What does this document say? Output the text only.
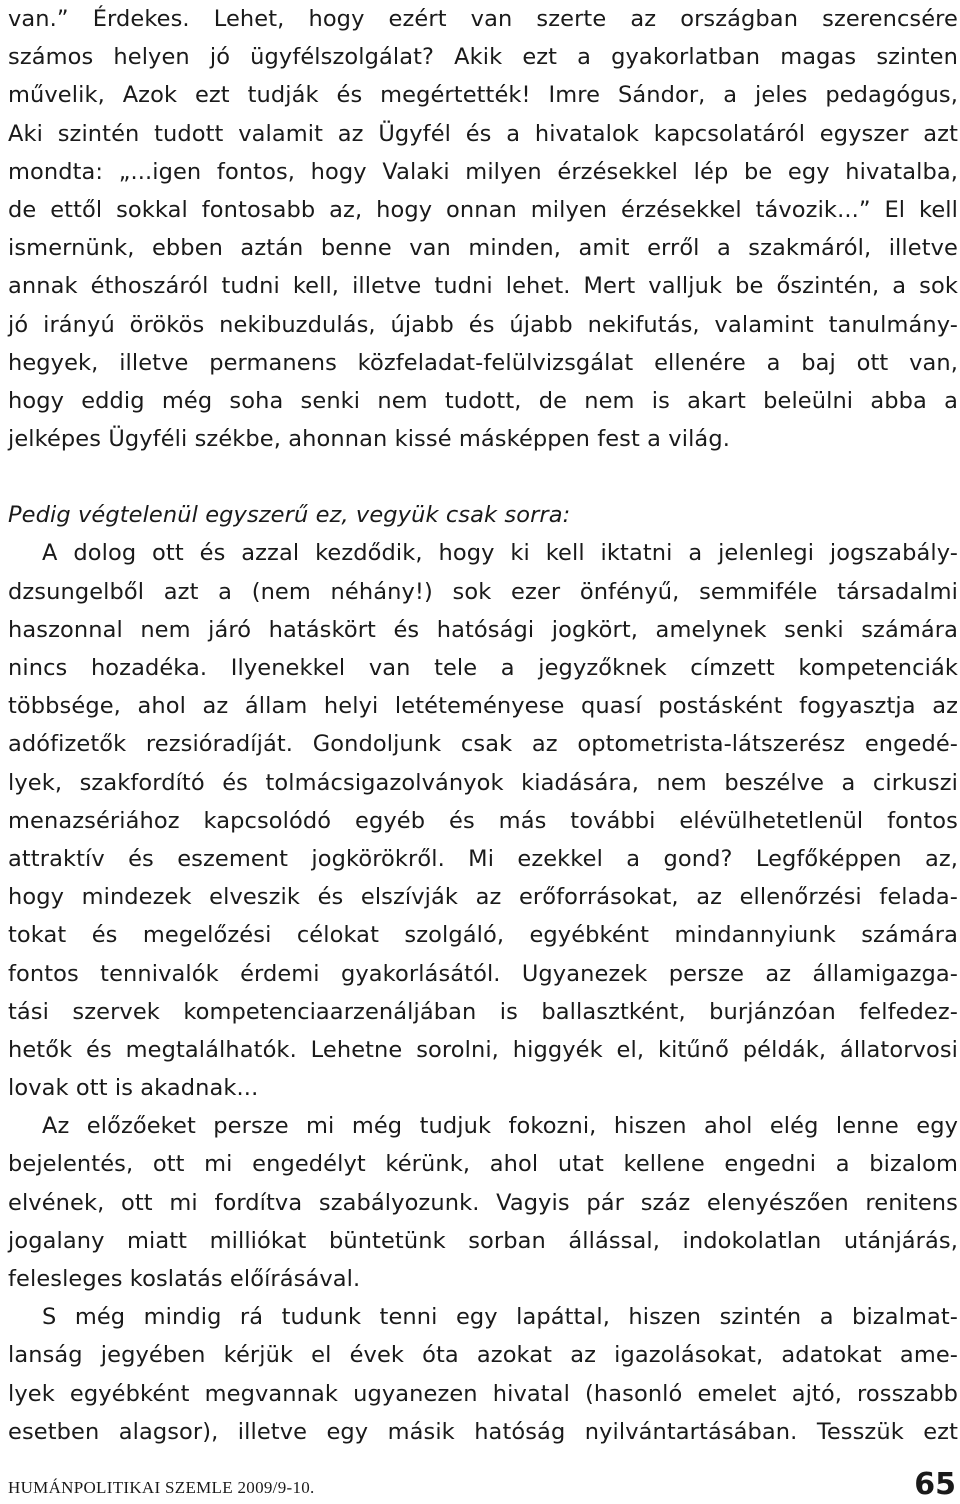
van.” Érdekes. Lehet, hogy ezért van szerte az országban szerencsére
számos helyen jó ügyfélszolgálat? Akik ezt a gyakorlatban magas szinten
művelik, Azok ezt tudják és megértették! Imre Sándor, a jeles pedagógus,
Aki szintén tudott valamit az Ügyfél és a hivatalok kapcsolatáról egyszer azt
mondta: „...igen fontos, hogy Valaki milyen érzésekkel lép be egy hivatalba,
de ettől sokkal fontosabb az, hogy onnan milyen érzésekkel távozik...” El kell
ismernünk, ebben aztán benne van minden, amit erről a szakmáról, illetve
annak éthoszáról tudni kell, illetve tudni lehet. Mert valljuk be őszintén, a sok
jó irányú örökös nekibuzdulás, újabb és újabb nekifutás, valamint tanulmány-
hegyek, illetve permanens közfeladat-felülvizsgálat ellenére a baj ott van,
hogy eddig még soha senki nem tudott, de nem is akart beleülni abba a
jelképes Ügyféli székbe, ahonnan kissé másképpen fest a világ.
Pedig végtelenül egyszerű ez, vegyük csak sorra:
A dolog ott és azzal kezdődik, hogy ki kell iktatni a jelenlegi jogszabály-
dzsungelből azt a (nem néhány!) sok ezer önfényű, semmiféle társadalmi
haszonnal nem járó hatáskört és hatósági jogkört, amelynek senki számára
nincs hozadéka. Ilyenekkel van tele a jegyzőknek címzett kompetenciák
többsége, ahol az állam helyi letéteményese quasí postásként fogyasztja az
adófizetők rezsióradíját. Gondoljunk csak az optometrista-látszerész engedé-
lyek, szakfordító és tolmácsigazolványok kiadására, nem beszélve a cirkuszi
menazsériához kapcsolódó egyéb és más további elévülhetetlenül fontos
attraktív és eszement jogkörökről. Mi ezekkel a gond? Legfőképpen az,
hogy mindezek elveszik és elszívják az erőforrásokat, az ellenőrzési felada-
tokat és megelőzési célokat szolgáló, egyébként mindannyiunk számára
fontos tennivalók érdemi gyakorlásától. Ugyanezek persze az államigazga-
tási szervek kompetenciaarzenáljában is ballasztként, burjánzóan felfedez-
hetők és megtalálhatók. Lehetne sorolni, higgyék el, kitűnő példák, állatorvosi
lovak ott is akadnak...
Az előzőeket persze mi még tudjuk fokozni, hiszen ahol elég lenne egy
bejelentés, ott mi engedélyt kérünk, ahol utat kellene engedni a bizalom
elvének, ott mi fordítva szabályozunk. Vagyis pár száz elenyészően renitens
jogalany miatt milliókat büntetünk sorban állással, indokolatlan utánjárás,
felesleges koslatás előírásával.
S még mindig rá tudunk tenni egy lapáttal, hiszen szintén a bizalmat-
lanság jegyében kérjük el évek óta azokat az igazolásokat, adatokat ame-
lyek egyébként megvannak ugyanezen hivatal (hasonló emelet ajtó, rosszabb
esetben alagsor), illetve egy másik hatóság nyilvántartásában. Tesszük ezt
HUMÁNPOLITIKAI SZEMLE 2009/9-10.	65
